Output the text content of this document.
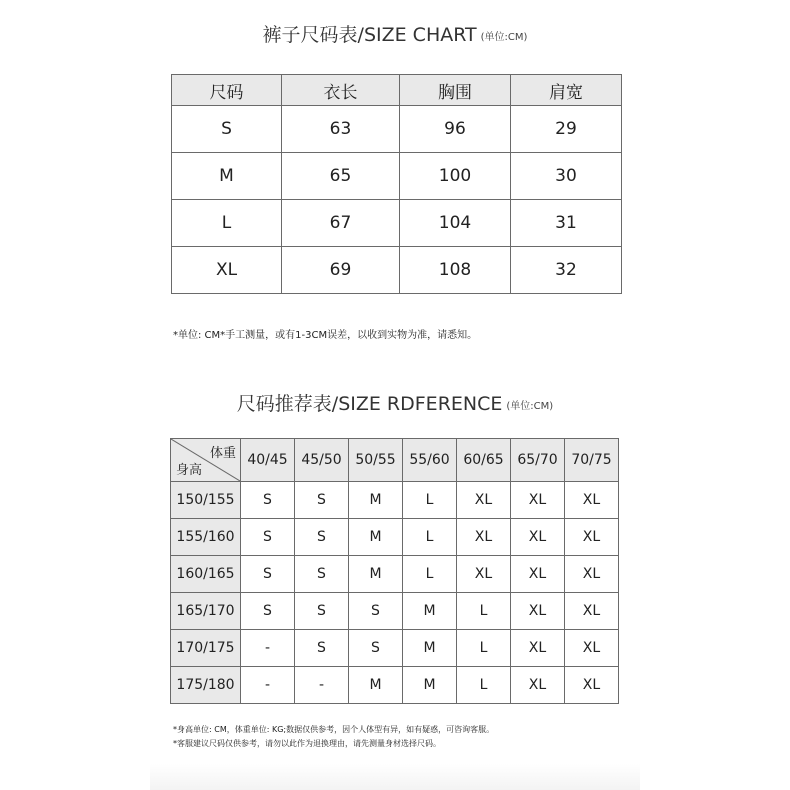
裤子尺码表/SIZE CHART (单位:CM)
尺码	衣长	胸围	肩宽
S	63	96	29
M	65	100	30
L	67	104	31
XL	69	108	32
*单位: CM*手工测量，或有1-3CM误差，以收到实物为准，请悉知。
尺码推荐表/SIZE RDFERENCE (单位:CM)
体重
身高	40/45	45/50	50/55	55/60	60/65	65/70	70/75
150/155	S	S	M	L	XL	XL	XL
155/160	S	S	M	L	XL	XL	XL
160/165	S	S	M	L	XL	XL	XL
165/170	S	S	S	M	L	XL	XL
170/175	-	S	S	M	L	XL	XL
175/180	-	-	M	M	L	XL	XL
*身高单位: CM，体重单位: KG;数据仅供参考，因个人体型有异，如有疑惑，可咨询客服。
*客服建议尺码仅供参考，请勿以此作为退换理由，请先测量身材选择尺码。
